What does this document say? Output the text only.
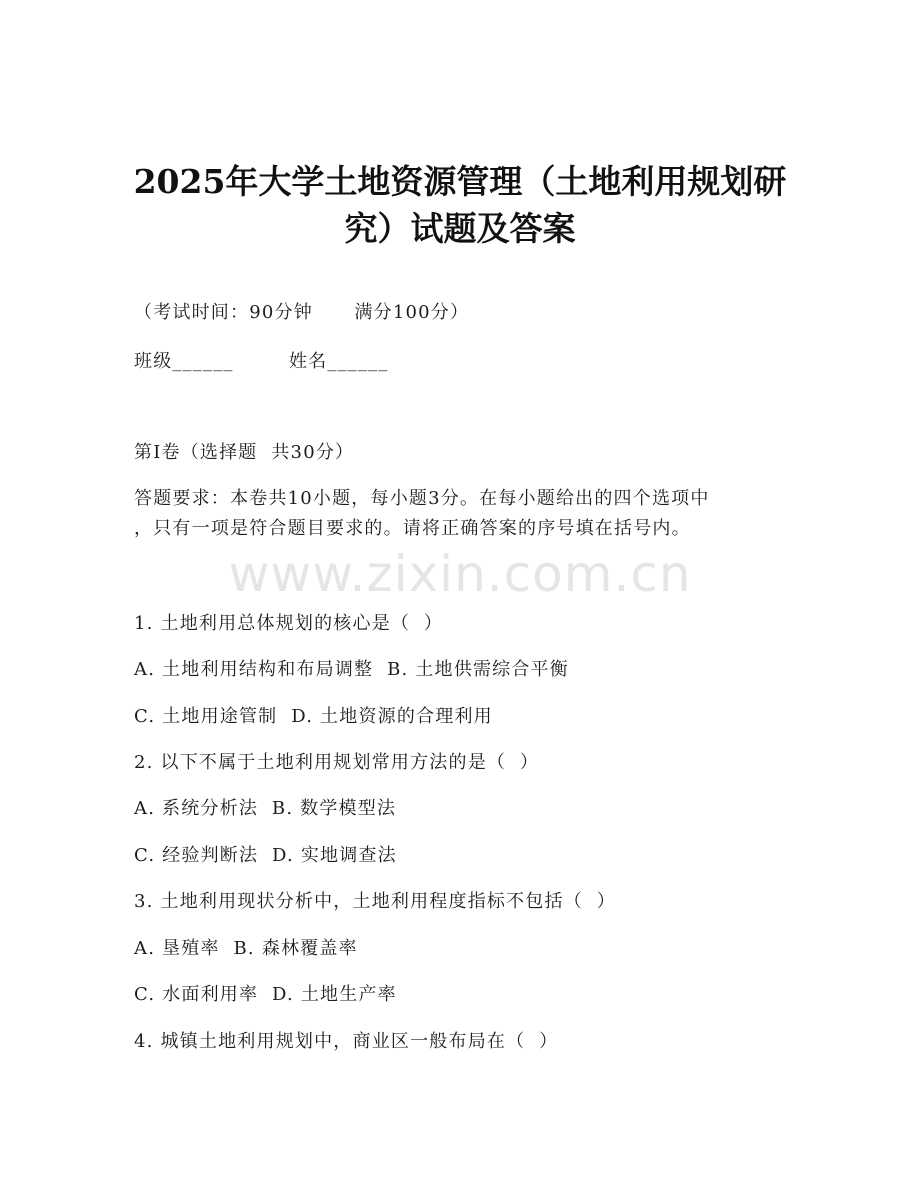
2025年大学土地资源管理（土地利用规划研
究）试题及答案
（考试时间：90分钟      满分100分）
班级______        姓名______
第Ⅰ卷（选择题  共30分）
答题要求：本卷共10小题，每小题3分。在每小题给出的四个选项中
，只有一项是符合题目要求的。请将正确答案的序号填在括号内。
www.zixin.com.cn
1. 土地利用总体规划的核心是（  ）
A. 土地利用结构和布局调整  B. 土地供需综合平衡
C. 土地用途管制  D. 土地资源的合理利用
2. 以下不属于土地利用规划常用方法的是（  ）
A. 系统分析法  B. 数学模型法
C. 经验判断法  D. 实地调查法
3. 土地利用现状分析中，土地利用程度指标不包括（  ）
A. 垦殖率  B. 森林覆盖率
C. 水面利用率  D. 土地生产率
4. 城镇土地利用规划中，商业区一般布局在（  ）
